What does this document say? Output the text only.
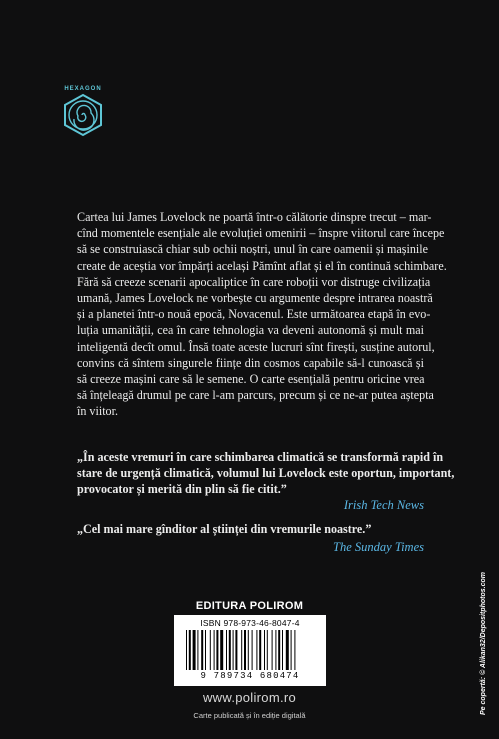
HEXAGON
Cartea lui James Lovelock ne poartă într-o călătorie dinspre trecut – mar-
cînd momentele esențiale ale evoluției omenirii – înspre viitorul care începe
să se construiască chiar sub ochii noștri, unul în care oamenii și mașinile
create de aceștia vor împărți același Pămînt aflat și el în continuă schimbare.
Fără să creeze scenarii apocaliptice în care roboții vor distruge civilizația
umană, James Lovelock ne vorbește cu argumente despre intrarea noastră
și a planetei într-o nouă epocă, Novacenul. Este următoarea etapă în evo-
luția umanității, cea în care tehnologia va deveni autonomă și mult mai
inteligentă decît omul. Însă toate aceste lucruri sînt firești, susține autorul,
convins că sîntem singurele ființe din cosmos capabile să-l cunoască și
să creeze mașini care să le semene. O carte esențială pentru oricine vrea
să înțeleagă drumul pe care l-am parcurs, precum și ce ne-ar putea aștepta
în viitor.
„În aceste vremuri în care schimbarea climatică se transformă rapid în
stare de urgență climatică, volumul lui Lovelock este oportun, important,
provocator și merită din plin să fie citit.”
Irish Tech News
„Cel mai mare gînditor al științei din vremurile noastre.”
The Sunday Times
EDITURA POLIROM
ISBN 978-973-46-8047-4
9 789734 680474
www.polirom.ro
Carte publicată și în ediție digitală
Pe copertă: © Alikan32/Depositphotos.com
